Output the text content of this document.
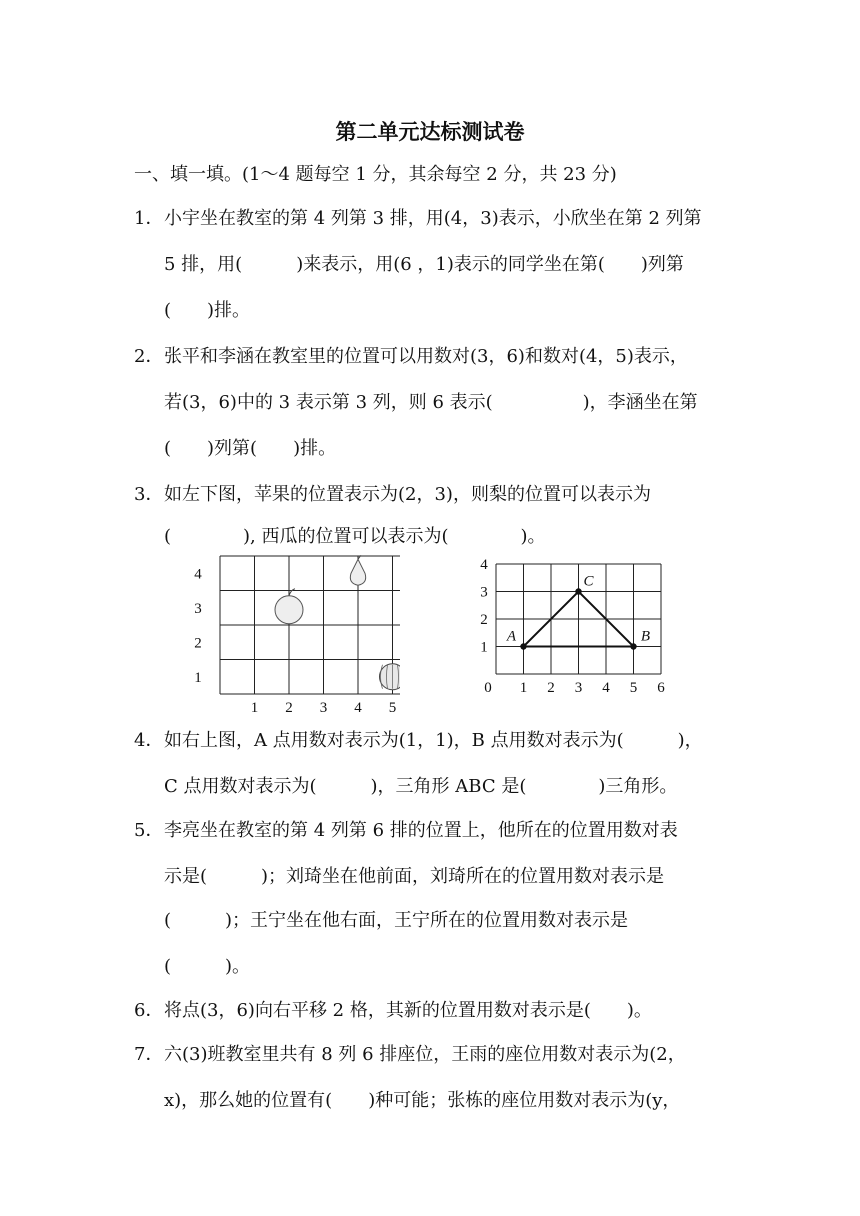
第二单元达标测试卷
一、填一填。(1～4 题每空 1 分，其余每空 2 分，共 23 分)
1．小宇坐在教室的第 4 列第 3 排，用(4，3)表示，小欣坐在第 2 列第
5 排，用(　　　)来表示，用(6 ，1)表示的同学坐在第(　　)列第
(　　)排。
2．张平和李涵在教室里的位置可以用数对(3，6)和数对(4，5)表示，
若(3，6)中的 3 表示第 3 列，则 6 表示(　　　　　)，李涵坐在第
(　　)列第(　　)排。
3．如左下图，苹果的位置表示为(2，3)，则梨的位置可以表示为
(　　　　), 西瓜的位置可以表示为(　　　　)。
1 2 3 4 5
1
2
3
4
0 1 2 3 4 5 6
1
2
3
4
A	B
C
4．如右上图，A 点用数对表示为(1，1)，B 点用数对表示为(　　　)，
C 点用数对表示为(　　　)，三角形 ABC 是(　　　　)三角形。
5．李亮坐在教室的第 4 列第 6 排的位置上，他所在的位置用数对表
示是(　　　)；刘琦坐在他前面，刘琦所在的位置用数对表示是
(　　　)；王宁坐在他右面，王宁所在的位置用数对表示是
(　　　)。
6．将点(3，6)向右平移 2 格，其新的位置用数对表示是(　　)。
7．六(3)班教室里共有 8 列 6 排座位，王雨的座位用数对表示为(2，
x)，那么她的位置有(　　)种可能；张栋的座位用数对表示为(y，
